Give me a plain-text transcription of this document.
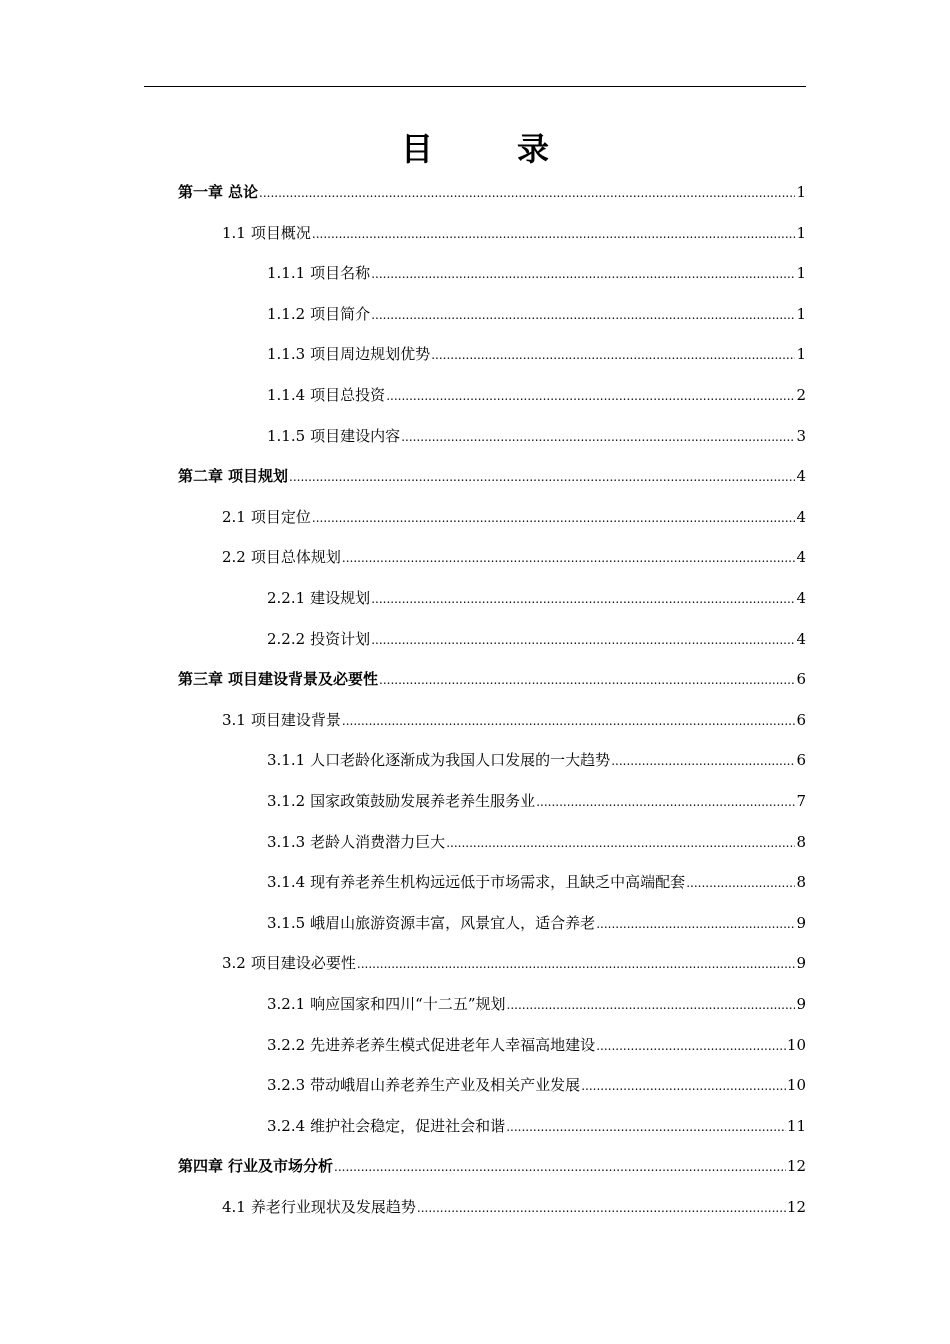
目　录
第一章 总论 .....	1
1.1 项目概况 .....	1
1.1.1 项目名称 .....	1
1.1.2 项目简介 .....	1
1.1.3 项目周边规划优势 .....	1
1.1.4 项目总投资 .....	2
1.1.5 项目建设内容 .....	3
第二章 项目规划 .....	4
2.1 项目定位 .....	4
2.2 项目总体规划 .....	4
2.2.1 建设规划 .....	4
2.2.2 投资计划 .....	4
第三章 项目建设背景及必要性 .....	6
3.1 项目建设背景 .....	6
3.1.1 人口老龄化逐渐成为我国人口发展的一大趋势 .....	6
3.1.2 国家政策鼓励发展养老养生服务业 .....	7
3.1.3 老龄人消费潜力巨大 .....	8
3.1.4 现有养老养生机构远远低于市场需求，且缺乏中高端配套 .....	8
3.1.5 峨眉山旅游资源丰富，风景宜人，适合养老 .....	9
3.2 项目建设必要性 .....	9
3.2.1 响应国家和四川“十二五”规划 .....	9
3.2.2 先进养老养生模式促进老年人幸福高地建设 .....	10
3.2.3 带动峨眉山养老养生产业及相关产业发展 .....	10
3.2.4 维护社会稳定，促进社会和谐 .....	11
第四章 行业及市场分析 .....	12
4.1 养老行业现状及发展趋势 .....	12
